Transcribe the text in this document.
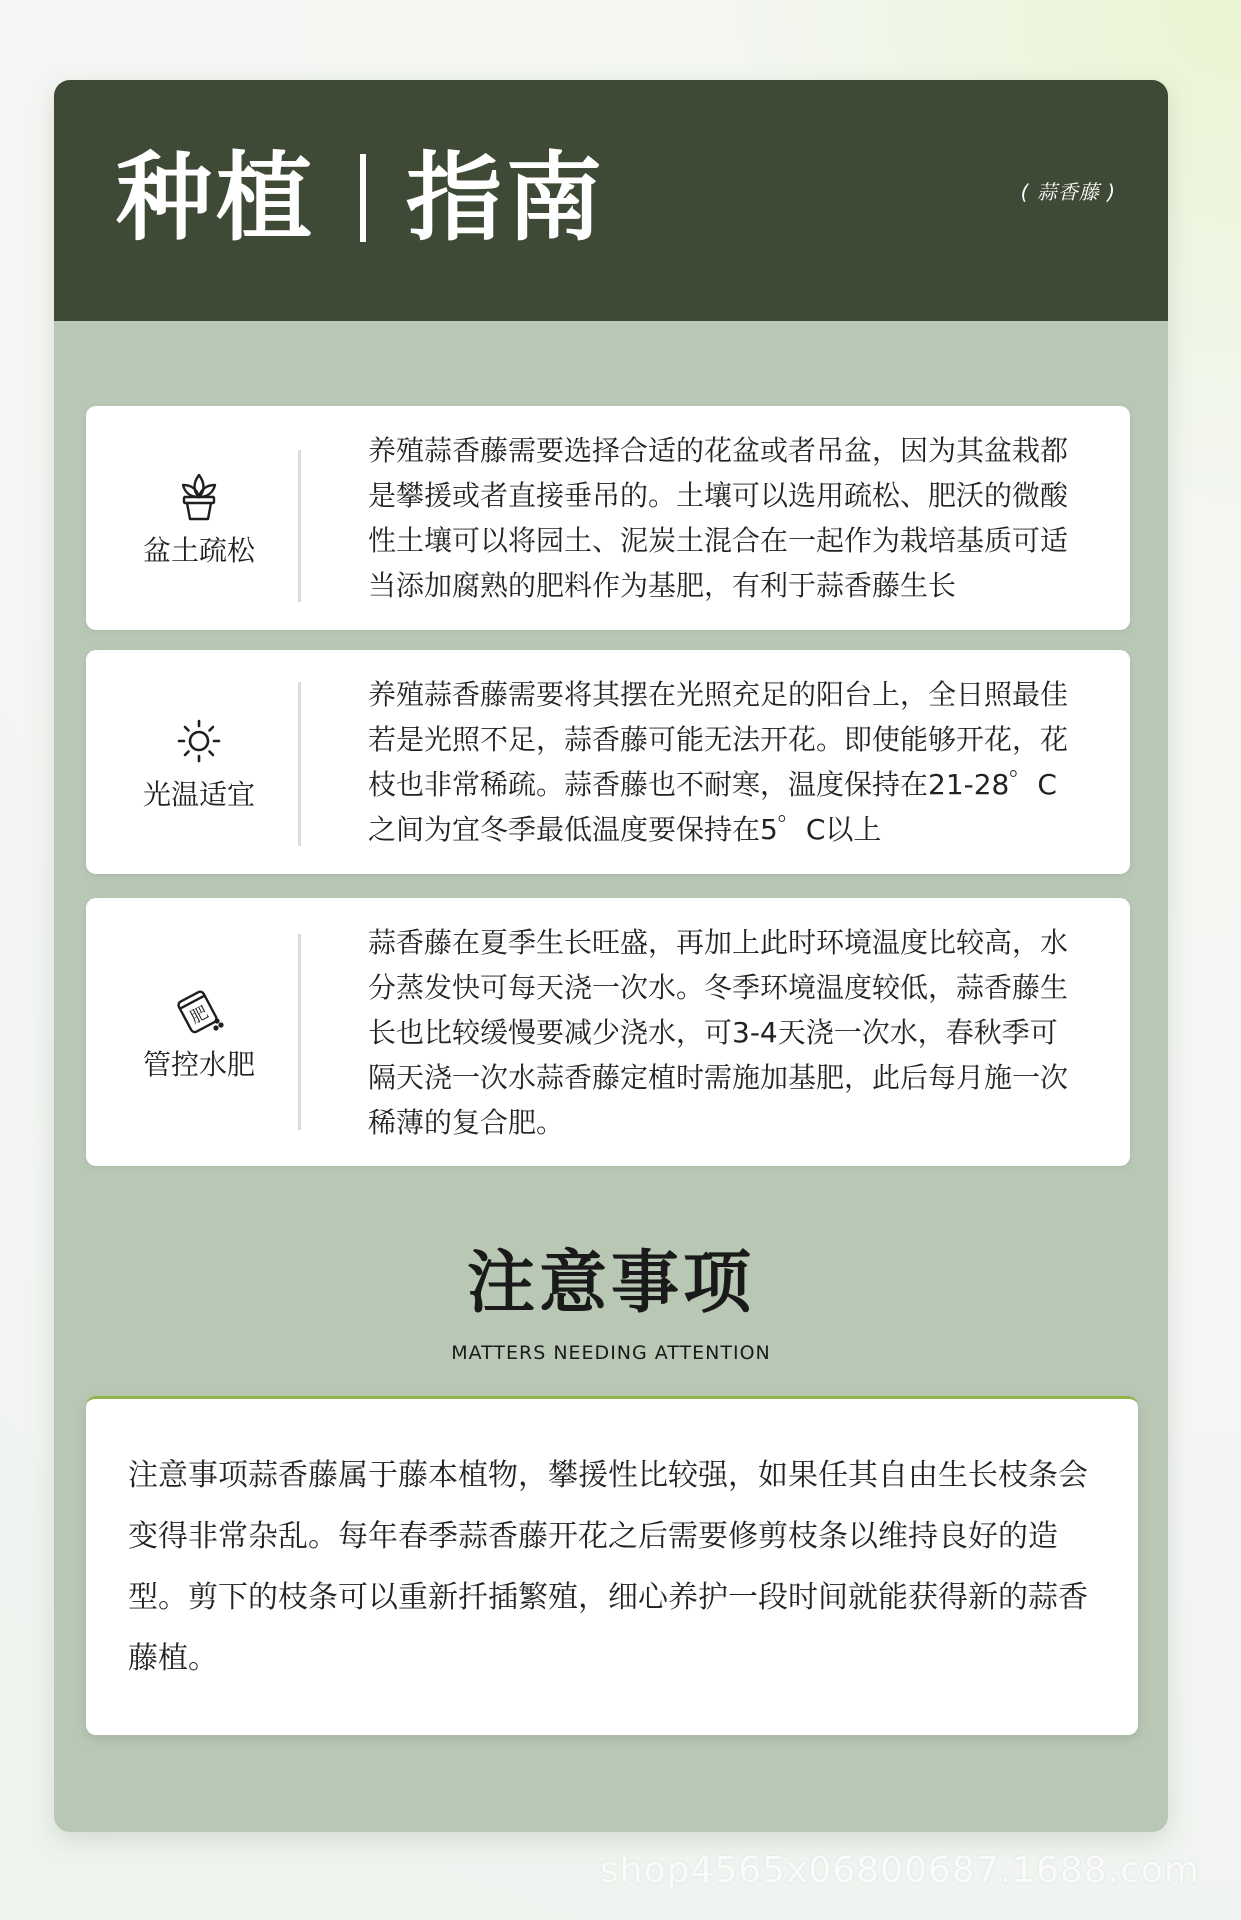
种植 指南	( 蒜香藤 )
盆土疏松

养殖蒜香藤需要选择合适的花盆或者吊盆，因为其盆栽都是攀援或者直接垂吊的。土壤可以选用疏松、肥沃的微酸性土壤可以将园土、泥炭土混合在一起作为栽培基质可适当添加腐熟的肥料作为基肥，有利于蒜香藤生长

光温适宜

养殖蒜香藤需要将其摆在光照充足的阳台上，全日照最佳若是光照不足，蒜香藤可能无法开花。即使能够开花，花枝也非常稀疏。蒜香藤也不耐寒，温度保持在21-28゜C之间为宜冬季最低温度要保持在5゜C以上

肥
管控水肥

蒜香藤在夏季生长旺盛，再加上此时环境温度比较高，水分蒸发快可每天浇一次水。冬季环境温度较低，蒜香藤生长也比较缓慢要减少浇水，可3-4天浇一次水，春秋季可隔天浇一次水蒜香藤定植时需施加基肥，此后每月施一次稀薄的复合肥。

注意事项
MATTERS NEEDING ATTENTION

注意事项蒜香藤属于藤本植物，攀援性比较强，如果任其自由生长枝条会变得非常杂乱。每年春季蒜香藤开花之后需要修剪枝条以维持良好的造型。剪下的枝条可以重新扦插繁殖，细心养护一段时间就能获得新的蒜香藤植。

shop4565x06800687.1688.com
